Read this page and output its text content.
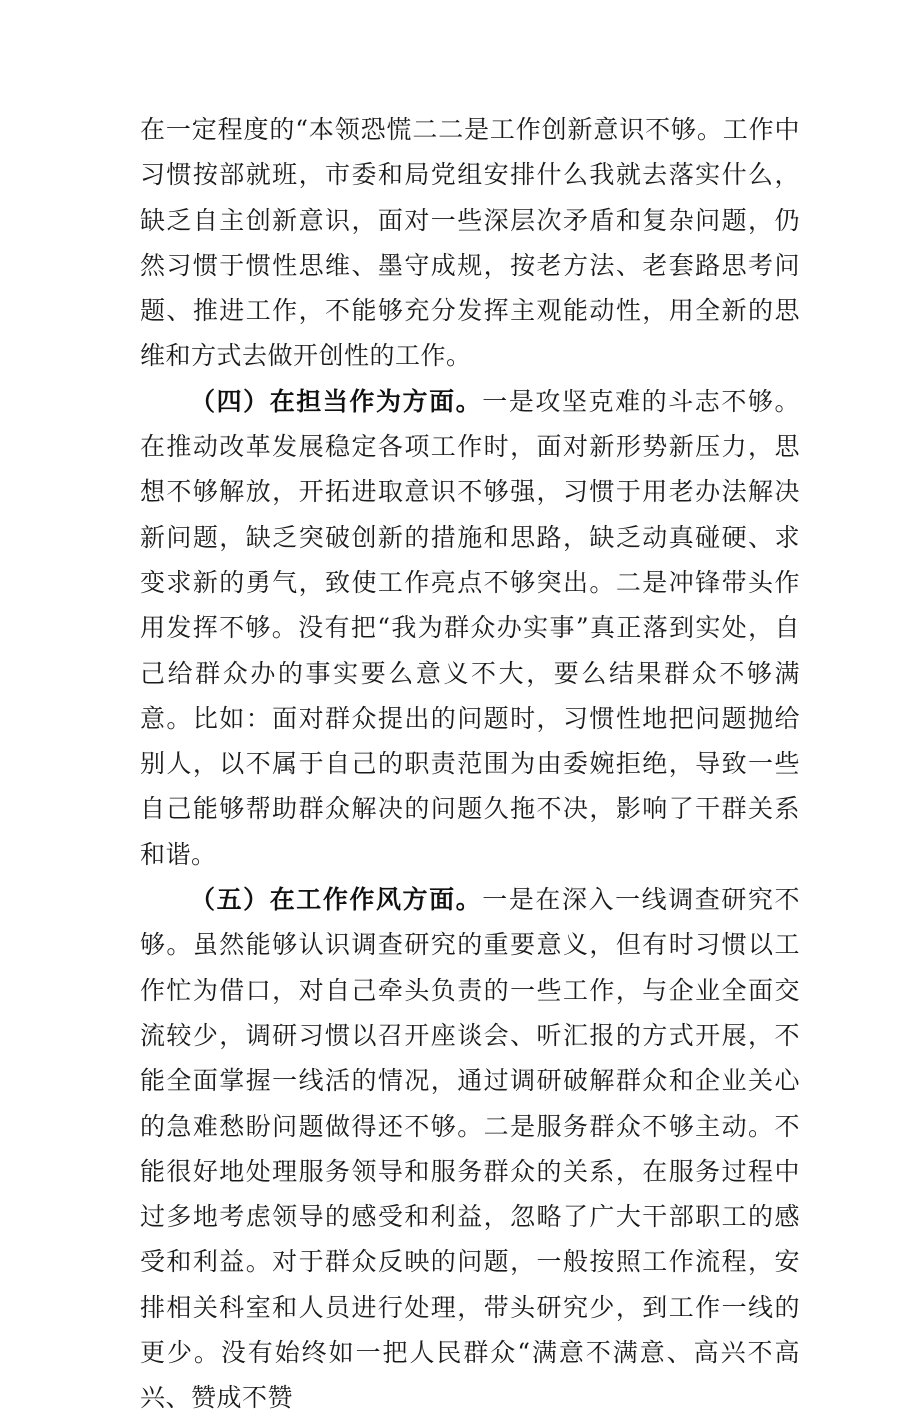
在一定程度的“本领恐慌二二是工作创新意识不够。工作中习惯按部就班，市委和局党组安排什么我就去落实什么，缺乏自主创新意识，面对一些深层次矛盾和复杂问题，仍然习惯于惯性思维、墨守成规，按老方法、老套路思考问题、推进工作，不能够充分发挥主观能动性，用全新的思维和方式去做开创性的工作。

（四）在担当作为方面。一是攻坚克难的斗志不够。在推动改革发展稳定各项工作时，面对新形势新压力，思想不够解放，开拓进取意识不够强，习惯于用老办法解决新问题，缺乏突破创新的措施和思路，缺乏动真碰硬、求变求新的勇气，致使工作亮点不够突出。二是冲锋带头作用发挥不够。没有把“我为群众办实事”真正落到实处，自己给群众办的事实要么意义不大，要么结果群众不够满意。比如：面对群众提出的问题时，习惯性地把问题抛给别人，以不属于自己的职责范围为由委婉拒绝，导致一些自己能够帮助群众解决的问题久拖不决，影响了干群关系和谐。

（五）在工作作风方面。一是在深入一线调查研究不够。虽然能够认识调查研究的重要意义，但有时习惯以工作忙为借口，对自己牵头负责的一些工作，与企业全面交流较少，调研习惯以召开座谈会、听汇报的方式开展，不能全面掌握一线活的情况，通过调研破解群众和企业关心的急难愁盼问题做得还不够。二是服务群众不够主动。不能很好地处理服务领导和服务群众的关系，在服务过程中过多地考虑领导的感受和利益，忽略了广大干部职工的感受和利益。对于群众反映的问题，一般按照工作流程，安排相关科室和人员进行处理，带头研究少，到工作一线的更少。没有始终如一把人民群众“满意不满意、高兴不高兴、赞成不赞
